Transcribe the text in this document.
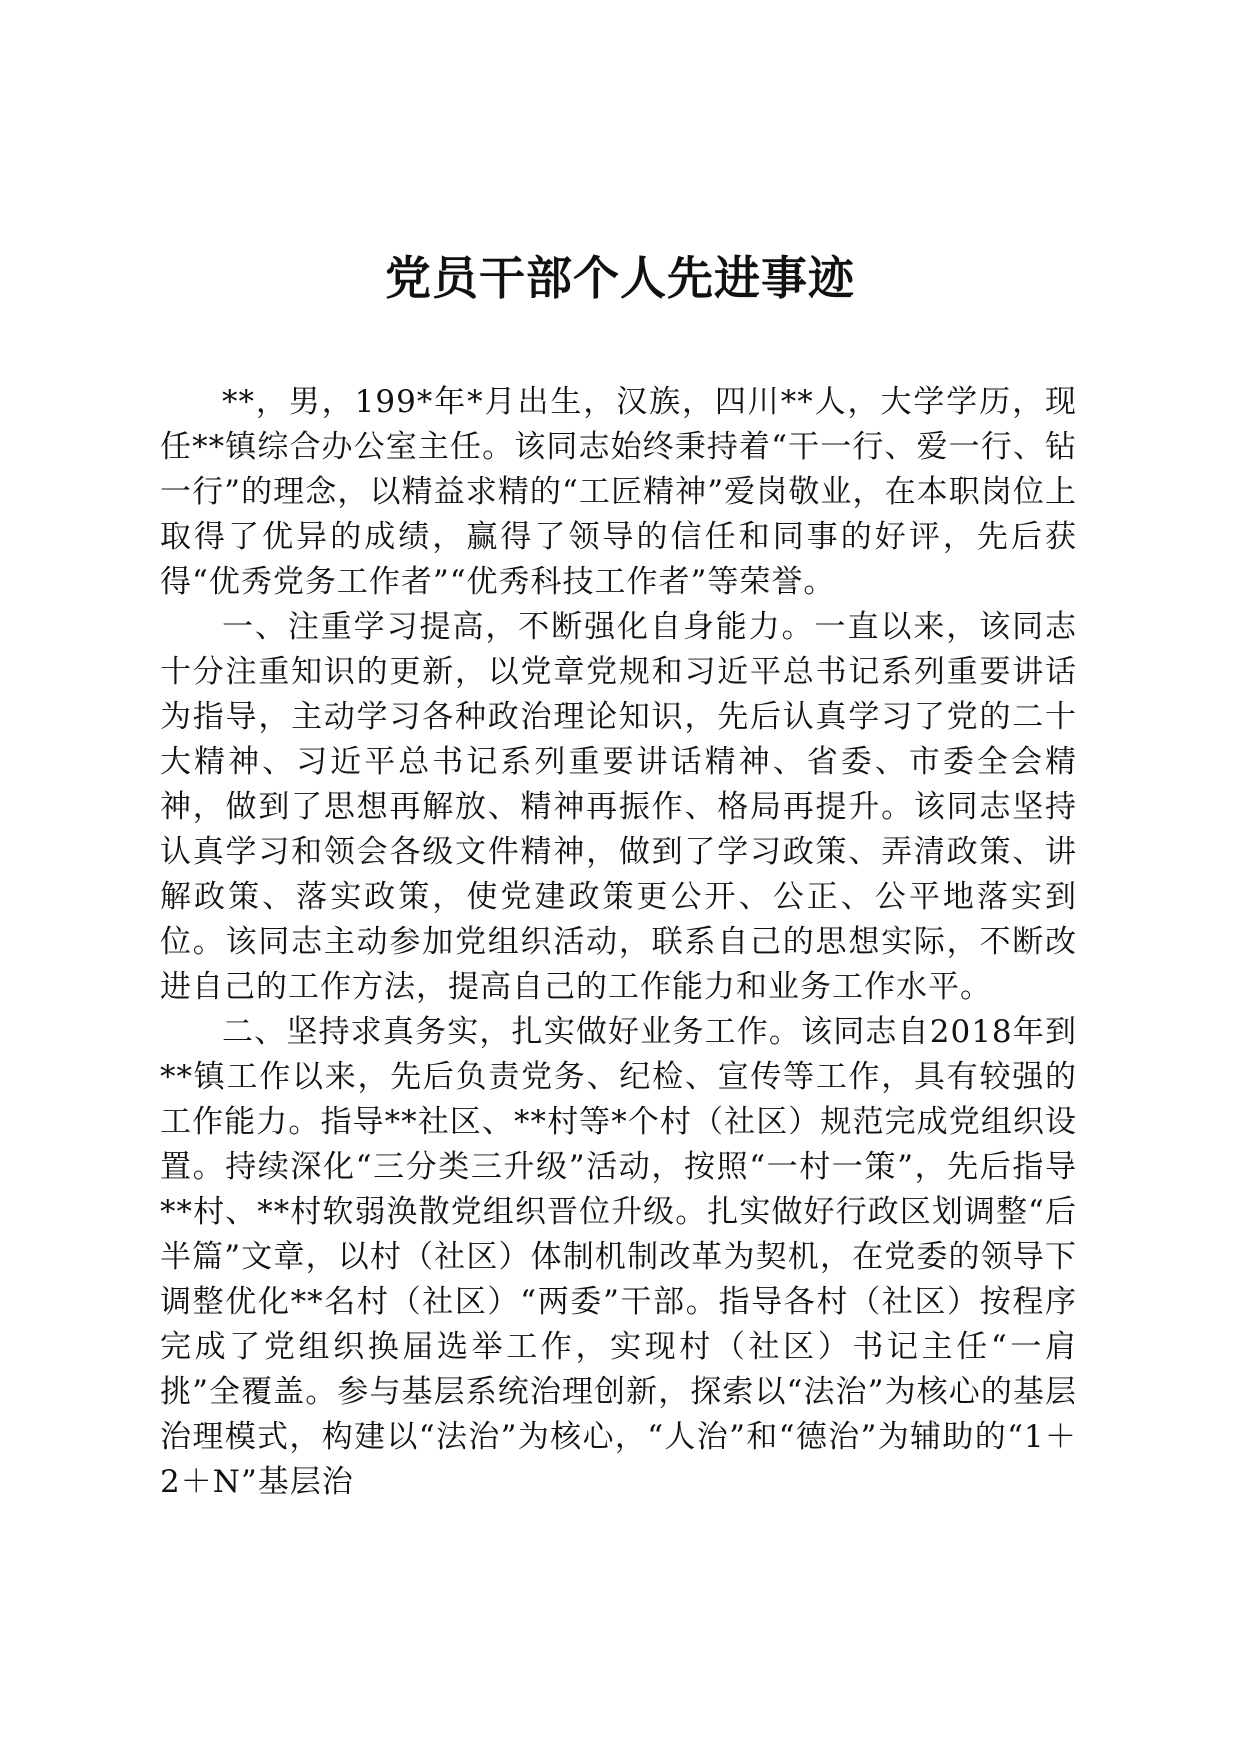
党员干部个人先进事迹

**，男，199*年*月出生，汉族，四川**人，大学学历，现任**镇综合办公室主任。该同志始终秉持着“干一行、爱一行、钻一行”的理念，以精益求精的“工匠精神”爱岗敬业，在本职岗位上取得了优异的成绩，赢得了领导的信任和同事的好评，先后获得“优秀党务工作者”“优秀科技工作者”等荣誉。

一、注重学习提高，不断强化自身能力。一直以来，该同志十分注重知识的更新，以党章党规和习近平总书记系列重要讲话为指导，主动学习各种政治理论知识，先后认真学习了党的二十大精神、习近平总书记系列重要讲话精神、省委、市委全会精神，做到了思想再解放、精神再振作、格局再提升。该同志坚持认真学习和领会各级文件精神，做到了学习政策、弄清政策、讲解政策、落实政策，使党建政策更公开、公正、公平地落实到位。该同志主动参加党组织活动，联系自己的思想实际，不断改进自己的工作方法，提高自己的工作能力和业务工作水平。

二、坚持求真务实，扎实做好业务工作。该同志自2018年到**镇工作以来，先后负责党务、纪检、宣传等工作，具有较强的工作能力。指导**社区、**村等*个村（社区）规范完成党组织设置。持续深化“三分类三升级”活动，按照“一村一策”，先后指导**村、**村软弱涣散党组织晋位升级。扎实做好行政区划调整“后半篇”文章，以村（社区）体制机制改革为契机，在党委的领导下调整优化**名村（社区）“两委”干部。指导各村（社区）按程序完成了党组织换届选举工作，实现村（社区）书记主任“一肩挑”全覆盖。参与基层系统治理创新，探索以“法治”为核心的基层治理模式，构建以“法治”为核心，“人治”和“德治”为辅助的“1＋2＋N”基层治
